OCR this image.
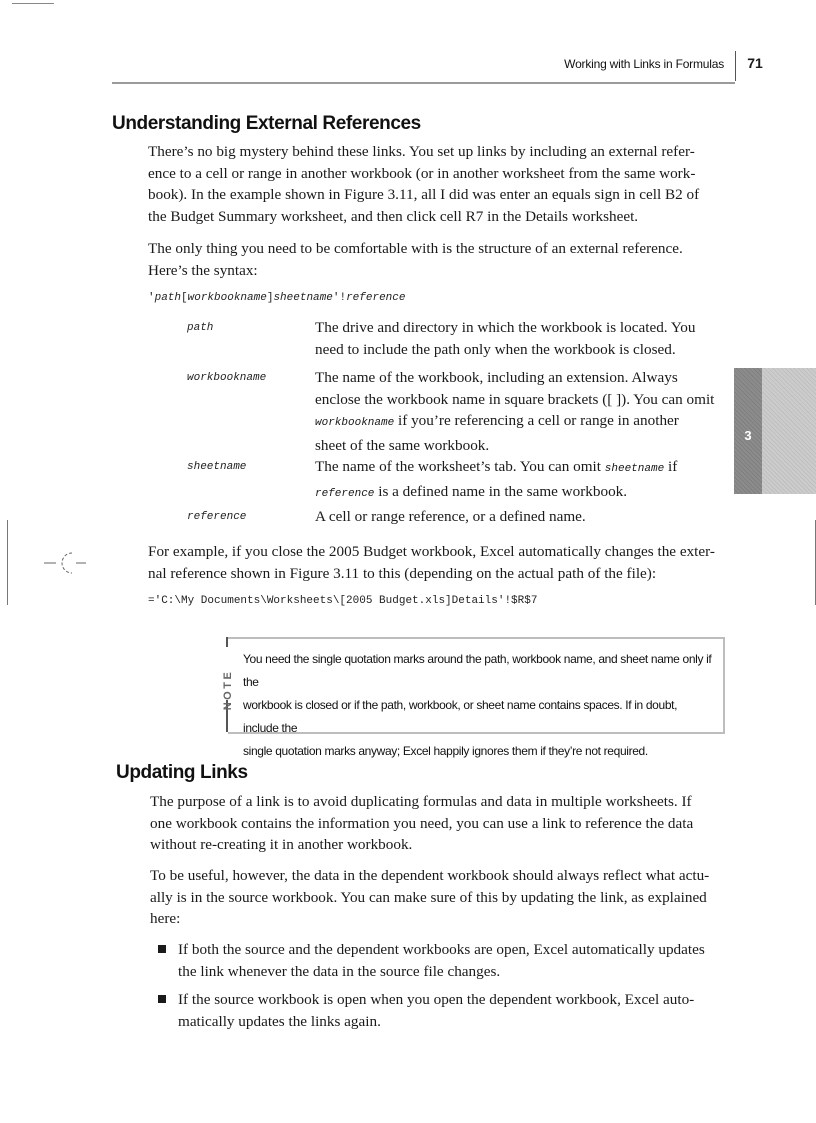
Working with Links in Formulas	71
3
Understanding External References
There’s no big mystery behind these links. You set up links by including an external refer-
ence to a cell or range in another workbook (or in another worksheet from the same work-
book). In the example shown in Figure 3.11, all I did was enter an equals sign in cell B2 of
the Budget Summary worksheet, and then click cell R7 in the Details worksheet.
The only thing you need to be comfortable with is the structure of an external reference.
Here’s the syntax:
'path[workbookname]sheetname'!reference
path	The drive and directory in which the workbook is located. You
need to include the path only when the workbook is closed.
workbookname	The name of the workbook, including an extension. Always
enclose the workbook name in square brackets ([ ]). You can omit
workbookname if you’re referencing a cell or range in another
sheet of the same workbook.
sheetname	The name of the worksheet’s tab. You can omit sheetname if
reference is a defined name in the same workbook.
reference	A cell or range reference, or a defined name.
For example, if you close the 2005 Budget workbook, Excel automatically changes the exter-
nal reference shown in Figure 3.11 to this (depending on the actual path of the file):
='C:\My Documents\Worksheets\[2005 Budget.xls]Details'!$R$7
NOTE
You need the single quotation marks around the path, workbook name, and sheet name only if the
workbook is closed or if the path, workbook, or sheet name contains spaces. If in doubt, include the
single quotation marks anyway; Excel happily ignores them if they’re not required.
Updating Links
The purpose of a link is to avoid duplicating formulas and data in multiple worksheets. If
one workbook contains the information you need, you can use a link to reference the data
without re-creating it in another workbook.
To be useful, however, the data in the dependent workbook should always reflect what actu-
ally is in the source workbook. You can make sure of this by updating the link, as explained
here:
If both the source and the dependent workbooks are open, Excel automatically updates
the link whenever the data in the source file changes.
If the source workbook is open when you open the dependent workbook, Excel auto-
matically updates the links again.
